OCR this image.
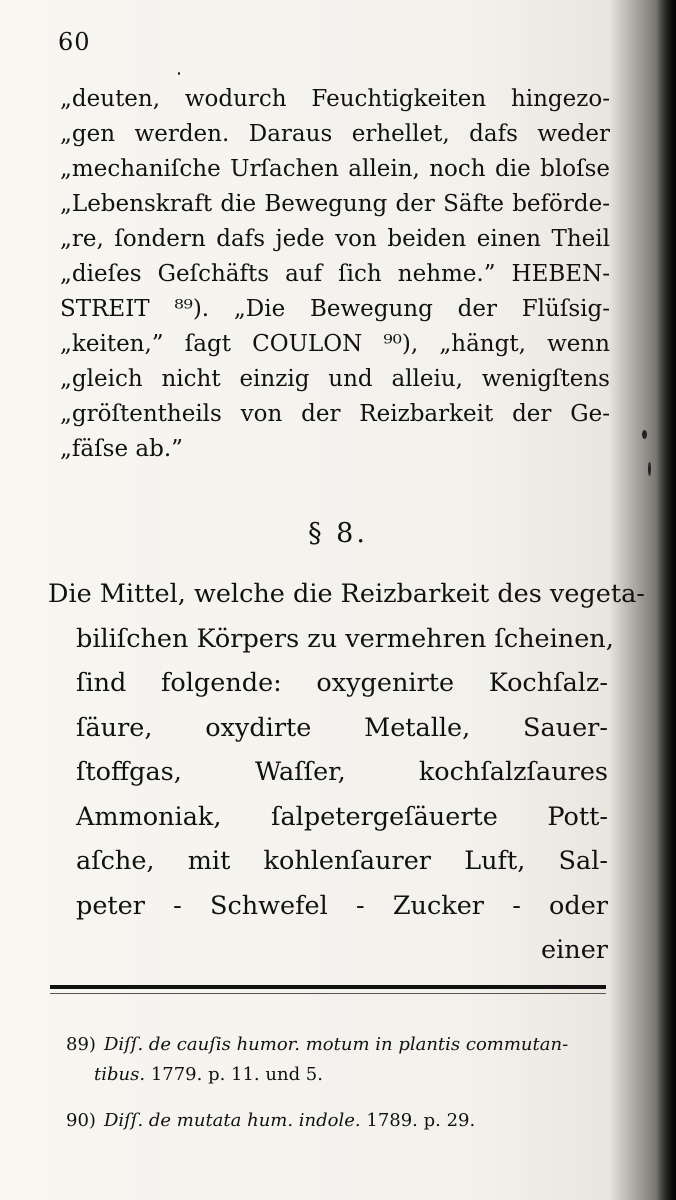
60
„deuten, wodurch Feuchtigkeiten hingezo-
„gen werden. Daraus erhellet, dafs weder
„mechaniſche Urſachen allein, noch die bloſse
„Lebenskraft die Bewegung der Säfte beförde-
„re, ſondern dafs jede von beiden einen Theil
„dieſes Geſchäfts auf ſich nehme.” HEBEN-
STREIT ⁸⁹). „Die Bewegung der Flüſsig-
„keiten,” ſagt COULON ⁹⁰), „hängt, wenn
„gleich nicht einzig und alleiu, wenigſtens
„gröſtentheils von der Reizbarkeit der Ge-
„fäſse ab.”
§ 8.
Die Mittel, welche die Reizbarkeit des vegeta-
biliſchen Körpers zu vermehren ſcheinen,
ſind folgende: oxygenirte Kochſalz-
ſäure, oxydirte Metalle, Sauer-
ſtoffgas, Waſſer, kochſalzſaures
Ammoniak, ſalpetergeſäuerte Pott-
aſche, mit kohlenſaurer Luft, Sal-
peter - Schwefel - Zucker - oder
einer
89) Diſſ. de cauſis humor. motum in plantis commutan-
tibus. 1779. p. 11. und 5.
90) Diſſ. de mutata hum. indole. 1789. p. 29.
